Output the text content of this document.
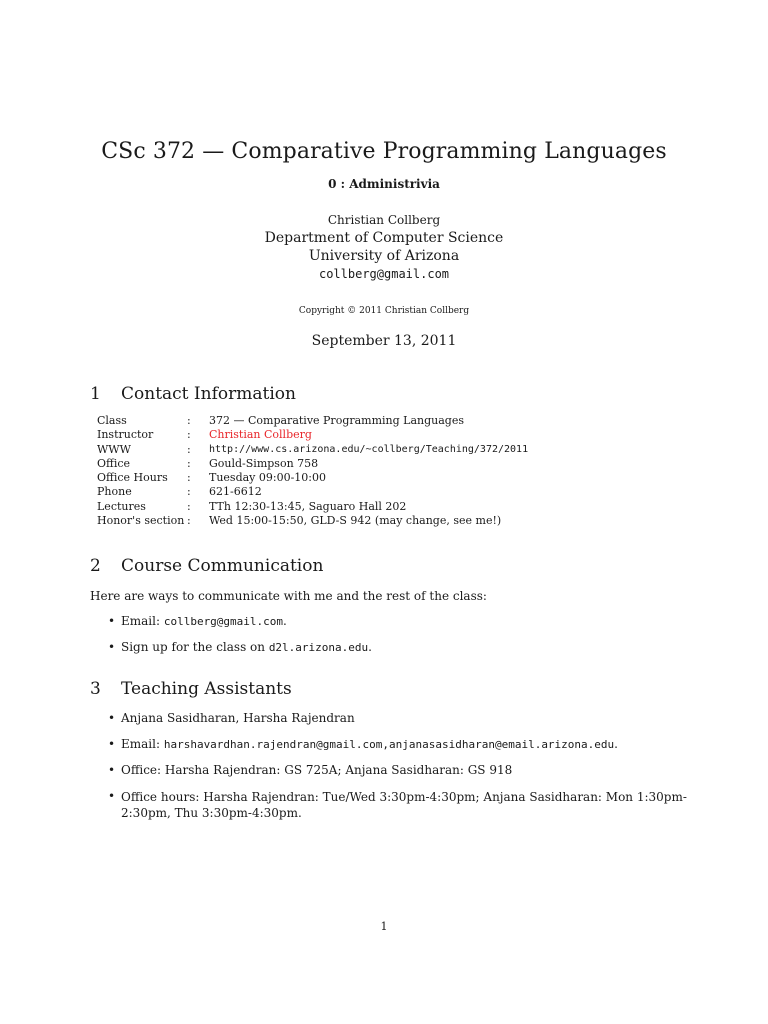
CSc 372 — Comparative Programming Languages
0 : Administrivia
Christian Collberg
Department of Computer Science
University of Arizona
collberg@gmail.com
Copyright © 2011 Christian Collberg
September 13, 2011
1 Contact Information
Class	:	372 — Comparative Programming Languages
Instructor	:	Christian Collberg
WWW	:	http://www.cs.arizona.edu/~collberg/Teaching/372/2011
Office	:	Gould-Simpson 758
Office Hours	:	Tuesday 09:00-10:00
Phone	:	621-6612
Lectures	:	TTh 12:30-13:45, Saguaro Hall 202
Honor's section	:	Wed 15:00-15:50, GLD-S 942 (may change, see me!)
2 Course Communication
Here are ways to communicate with me and the rest of the class:
• Email: collberg@gmail.com.
• Sign up for the class on d2l.arizona.edu.
3 Teaching Assistants
• Anjana Sasidharan, Harsha Rajendran
• Email: harshavardhan.rajendran@gmail.com,anjanasasidharan@email.arizona.edu.
• Office: Harsha Rajendran: GS 725A; Anjana Sasidharan: GS 918
• Office hours: Harsha Rajendran: Tue/Wed 3:30pm-4:30pm; Anjana Sasidharan: Mon 1:30pm-2:30pm, Thu 3:30pm-4:30pm.
1
